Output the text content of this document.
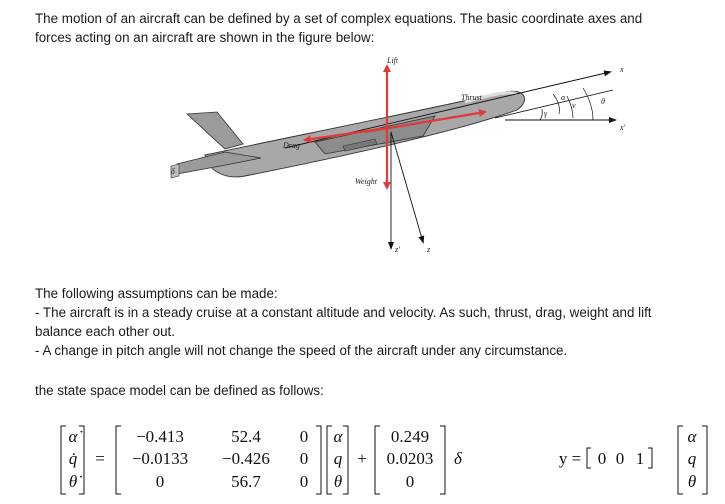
The motion of an aircraft can be defined by a set of complex equations. The basic coordinate axes and
forces acting on an aircraft are shown in the figure below:
Lift
Thrust
Drag
Weight
δ
x
x'
z
z'
α
γ
v	θ
The following assumptions can be made:
- The aircraft is in a steady cruise at a constant altitude and velocity. As such, thrust, drag, weight and lift
balance each other out.
- A change in pitch angle will not change the speed of the aircraft under any circumstance.
the state space model can be defined as follows:
α̇
q̇
θ̇
=
−0.413	52.4 0
−0.0133 −0.426 0
0	56.7 0
α
q
θ
+
0.249
0.0203
0
δ	y = 0 0 1
α
q
θ
